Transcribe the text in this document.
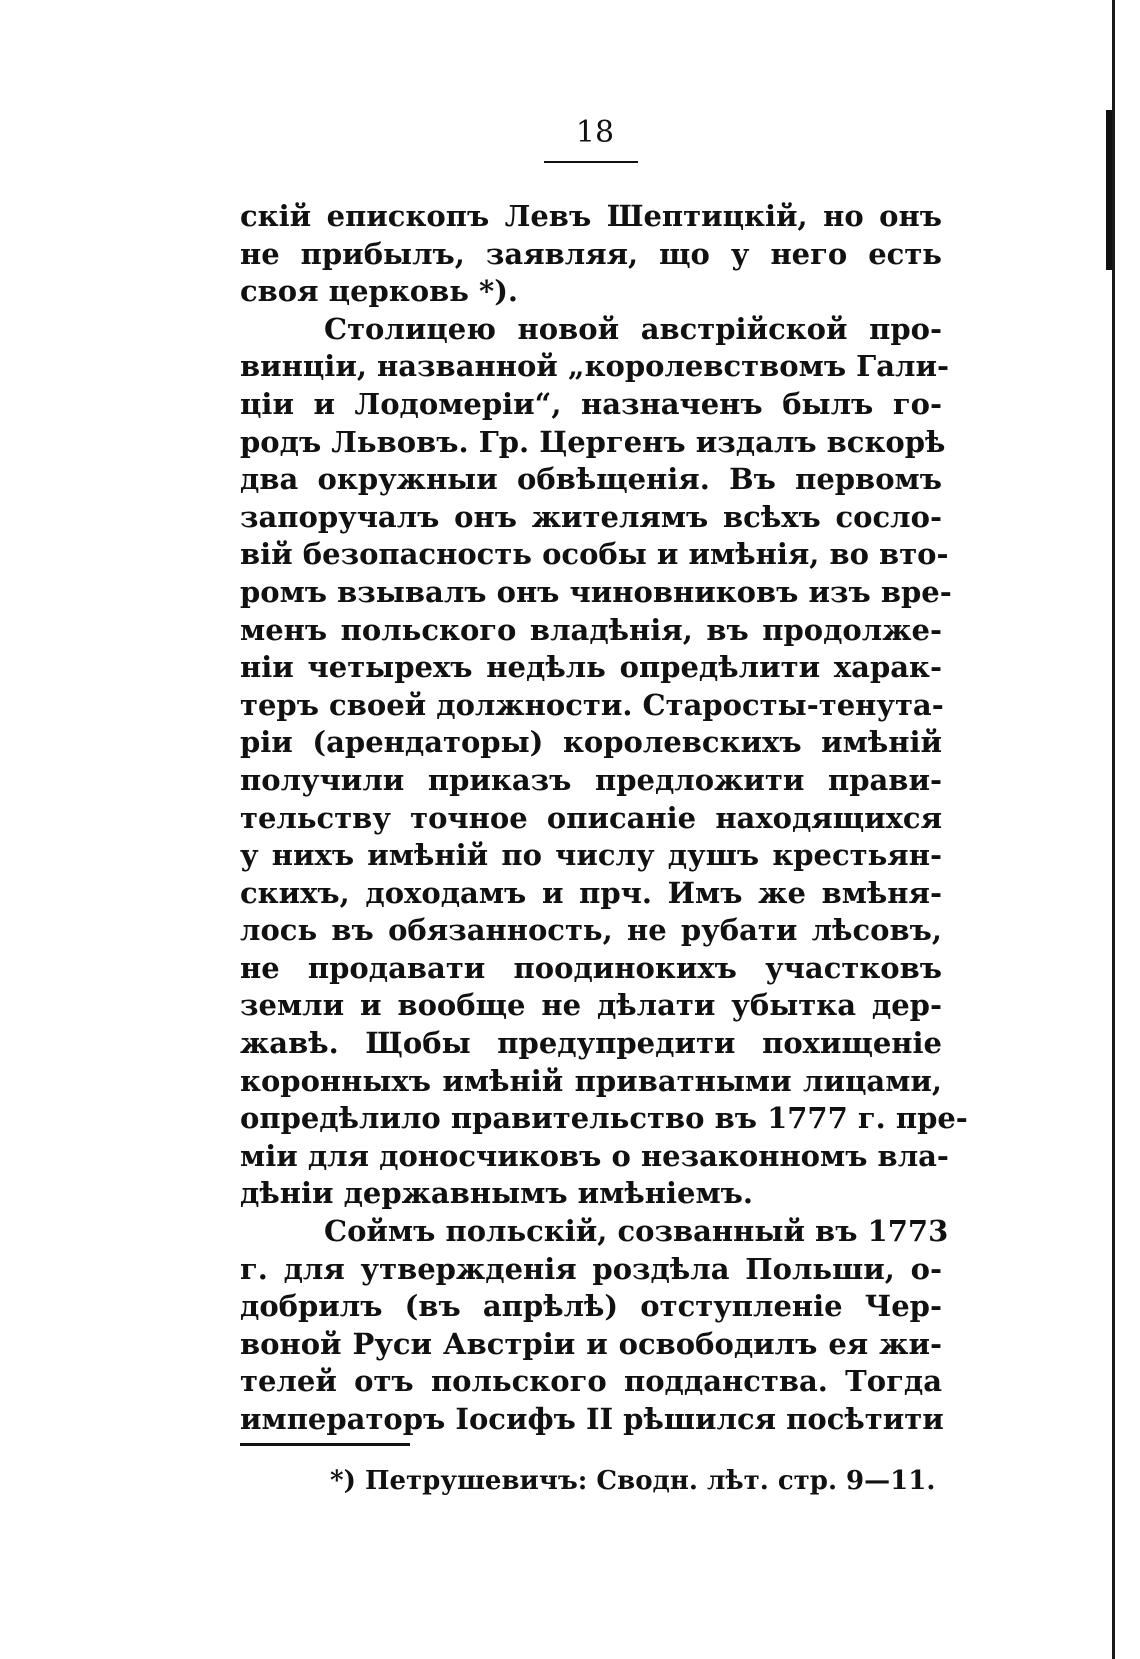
18
скій епископъ Левъ Шептицкій, но онъ
не прибылъ, заявляя, що у него есть
своя церковь *).
Столицею новой австрійской про-
винціи, названной „королевствомъ Гали-
ціи и Лодомеріи“, назначенъ былъ го-
родъ Львовъ. Гр. Цергенъ издалъ вскорѣ
два окружныи обвѣщенія. Въ первомъ
запоручалъ онъ жителямъ всѣхъ сосло-
вій безопасность особы и имѣнія, во вто-
ромъ взывалъ онъ чиновниковъ изъ вре-
менъ польского владѣнія, въ продолже-
ніи четырехъ недѣль опредѣлити харак-
теръ своей должности. Старосты-тенута-
ріи (арендаторы) королевскихъ имѣній
получили приказъ предложити прави-
тельству точное описаніе находящихся
у нихъ имѣній по числу душъ крестьян-
скихъ, доходамъ и прч. Имъ же вмѣня-
лось въ обязанность, не рубати лѣсовъ,
не продавати поодинокихъ участковъ
земли и вообще не дѣлати убытка дер-
жавѣ. Щобы предупредити похищеніе
коронныхъ имѣній приватными лицами,
опредѣлило правительство въ 1777 г. пре-
міи для доносчиковъ о незаконномъ вла-
дѣніи державнымъ имѣніемъ.
Соймъ польскій, созванный въ 1773
г. для утвержденія роздѣла Польши, о-
добрилъ (въ апрѣлѣ) отступленіе Чер-
воной Руси Австріи и освободилъ ея жи-
телей отъ польского подданства. Тогда
императоръ Іосифъ II рѣшился посѣтити
*) Петрушевичъ: Сводн. лѣт. стр. 9—11.
